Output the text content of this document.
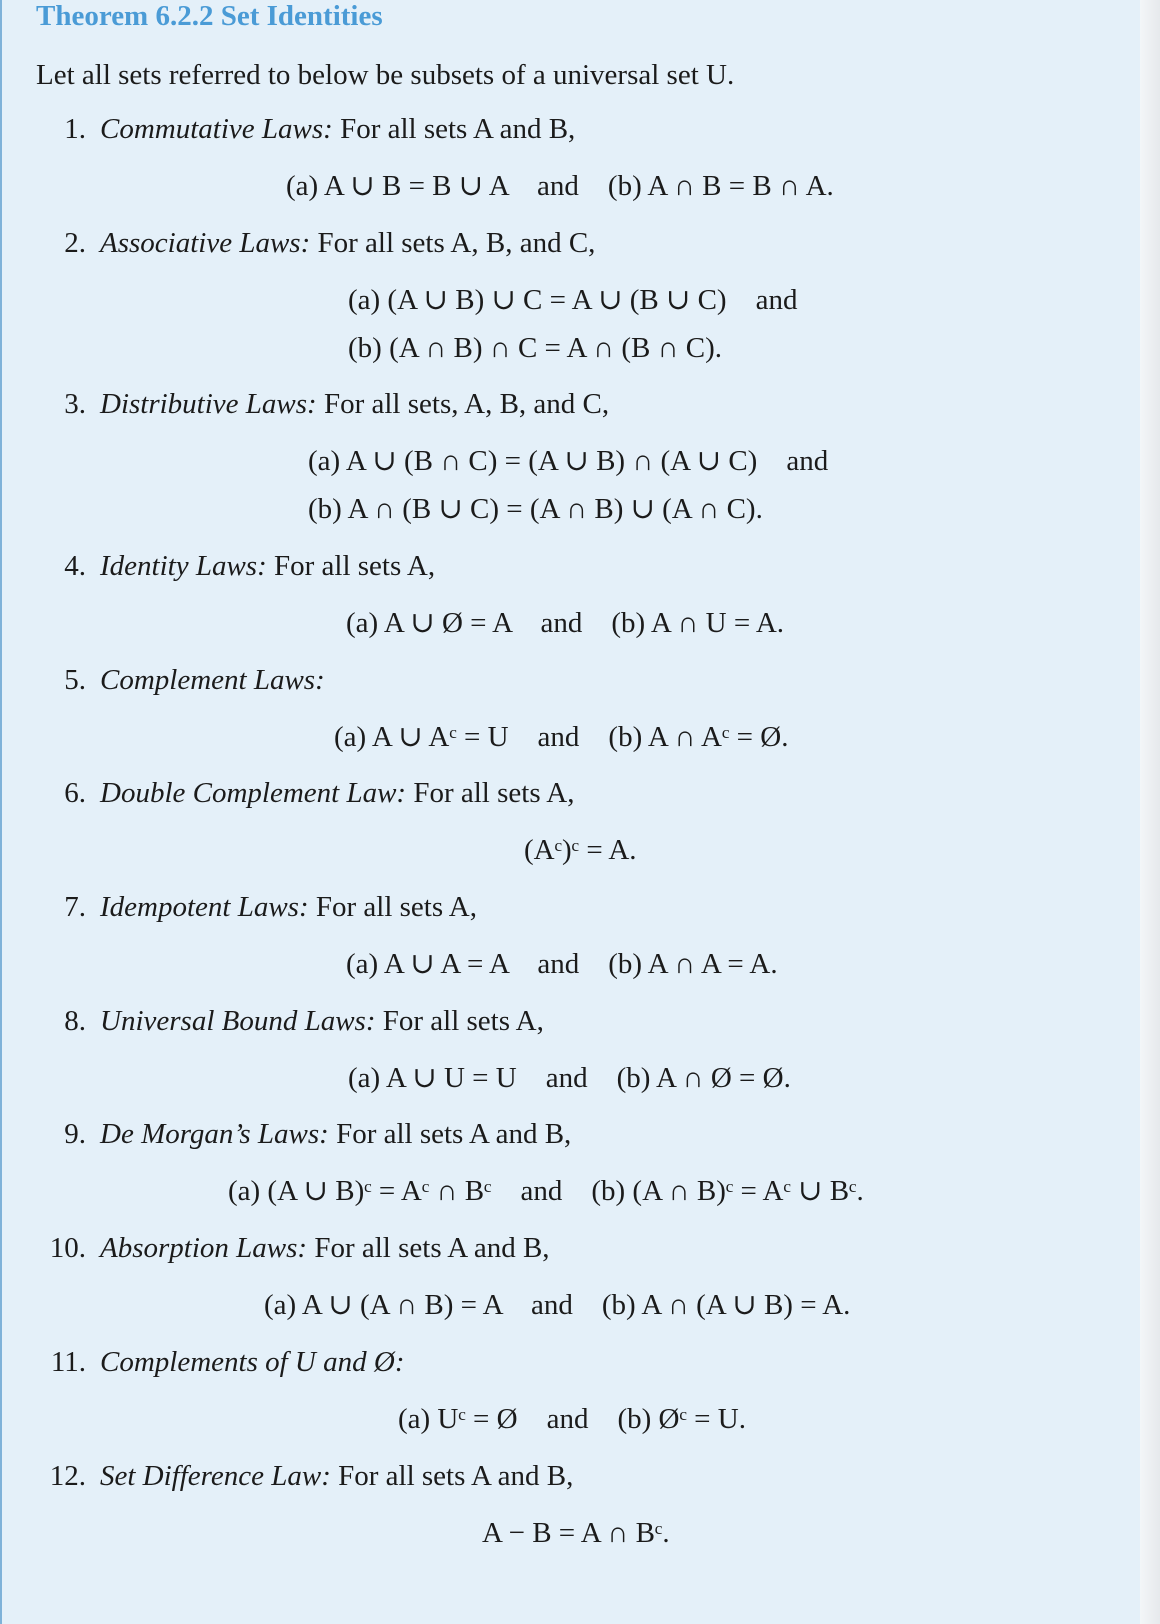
Theorem 6.2.2 Set Identities
Let all sets referred to below be subsets of a universal set U.
1. Commutative Laws: For all sets A and B,
(a) A ∪ B = B ∪ A    and    (b) A ∩ B = B ∩ A.
2. Associative Laws: For all sets A, B, and C,
(a) (A ∪ B) ∪ C = A ∪ (B ∪ C)    and
(b) (A ∩ B) ∩ C = A ∩ (B ∩ C).
3. Distributive Laws: For all sets, A, B, and C,
(a) A ∪ (B ∩ C) = (A ∪ B) ∩ (A ∪ C)    and
(b) A ∩ (B ∪ C) = (A ∩ B) ∪ (A ∩ C).
4. Identity Laws: For all sets A,
(a) A ∪ Ø = A    and    (b) A ∩ U = A.
5. Complement Laws:
(a) A ∪ Aᶜ = U    and    (b) A ∩ Aᶜ = Ø.
6. Double Complement Law: For all sets A,
(Aᶜ)ᶜ = A.
7. Idempotent Laws: For all sets A,
(a) A ∪ A = A    and    (b) A ∩ A = A.
8. Universal Bound Laws: For all sets A,
(a) A ∪ U = U    and    (b) A ∩ Ø = Ø.
9. De Morgan’s Laws: For all sets A and B,
(a) (A ∪ B)ᶜ = Aᶜ ∩ Bᶜ    and    (b) (A ∩ B)ᶜ = Aᶜ ∪ Bᶜ.
10. Absorption Laws: For all sets A and B,
(a) A ∪ (A ∩ B) = A    and    (b) A ∩ (A ∪ B) = A.
11. Complements of U and Ø:
(a) Uᶜ = Ø    and    (b) Øᶜ = U.
12. Set Difference Law: For all sets A and B,
A − B = A ∩ Bᶜ.
